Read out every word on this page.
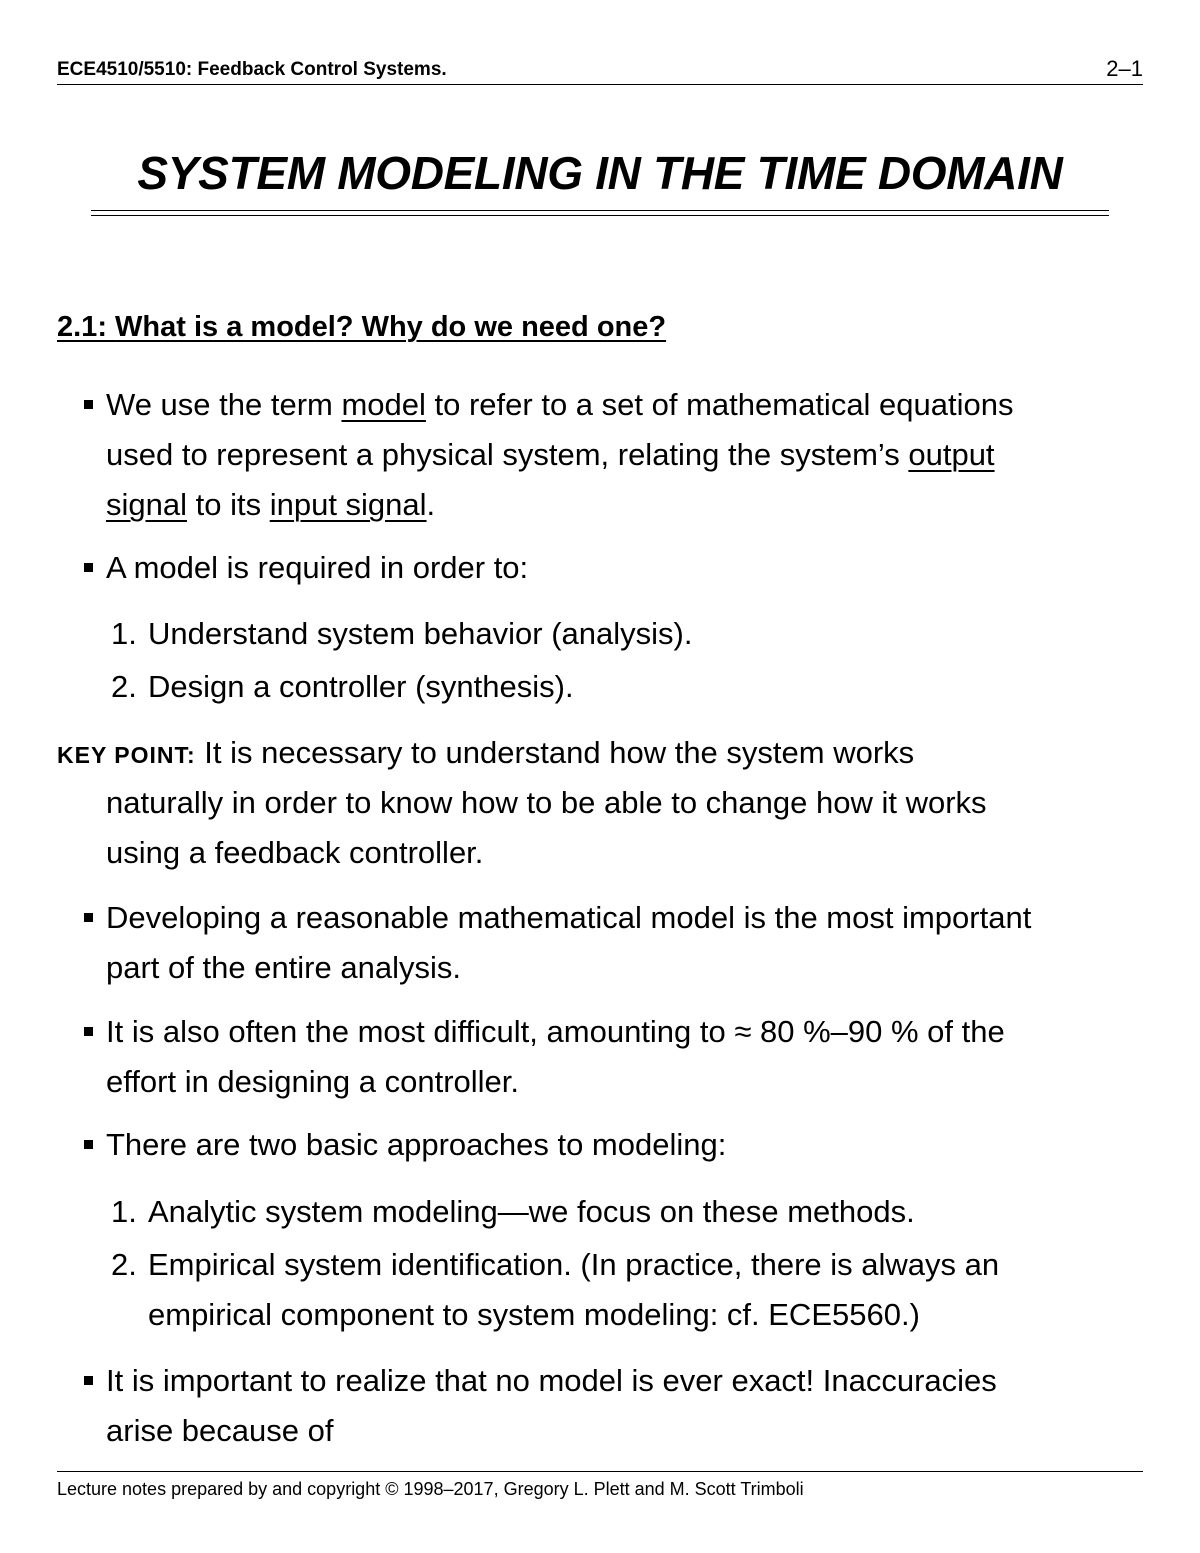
ECE4510/5510: Feedback Control Systems.	2–1
SYSTEM MODELING IN THE TIME DOMAIN
2.1: What is a model? Why do we need one?
We use the term model to refer to a set of mathematical equations
used to represent a physical system, relating the system’s output
signal to its input signal.
A model is required in order to:
1. Understand system behavior (analysis).
2. Design a controller (synthesis).
KEY POINT: It is necessary to understand how the system works
naturally in order to know how to be able to change how it works
using a feedback controller.
Developing a reasonable mathematical model is the most important
part of the entire analysis.
It is also often the most difficult, amounting to ≈ 80 %–90 % of the
effort in designing a controller.
There are two basic approaches to modeling:
1. Analytic system modeling—we focus on these methods.
2. Empirical system identification. (In practice, there is always an
empirical component to system modeling: cf. ECE5560.)
It is important to realize that no model is ever exact! Inaccuracies
arise because of
Lecture notes prepared by and copyright © 1998–2017, Gregory L. Plett and M. Scott Trimboli
